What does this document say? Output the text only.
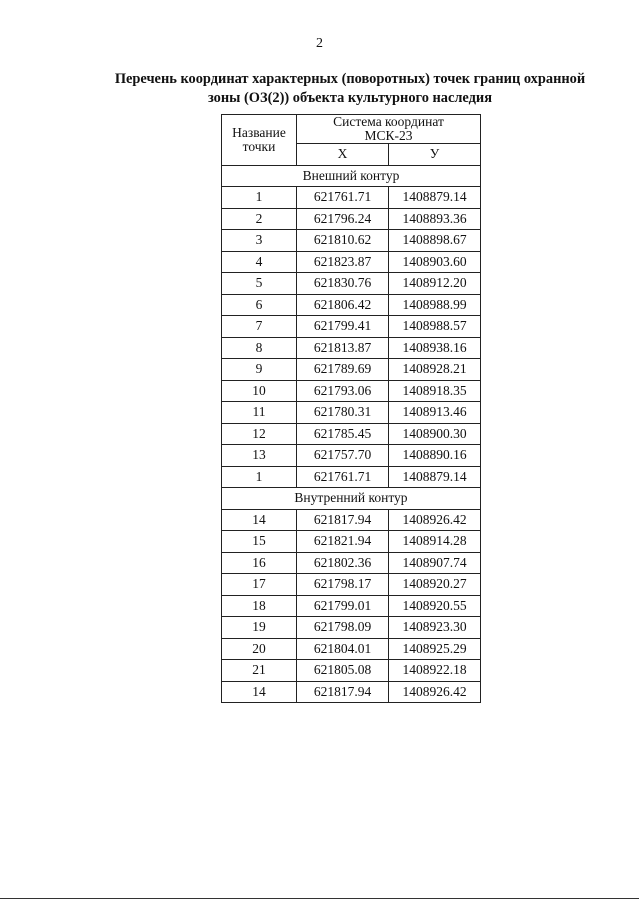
2
Перечень координат характерных (поворотных) точек границ охранной
зоны (ОЗ(2)) объекта культурного наследия
Название
точки	Система координат
МСК-23	
	Х	У
Внешний контур		
1	621761.71	1408879.14
2	621796.24	1408893.36
3	621810.62	1408898.67
4	621823.87	1408903.60
5	621830.76	1408912.20
6	621806.42	1408988.99
7	621799.41	1408988.57
8	621813.87	1408938.16
9	621789.69	1408928.21
10	621793.06	1408918.35
11	621780.31	1408913.46
12	621785.45	1408900.30
13	621757.70	1408890.16
1	621761.71	1408879.14
Внутренний контур		
14	621817.94	1408926.42
15	621821.94	1408914.28
16	621802.36	1408907.74
17	621798.17	1408920.27
18	621799.01	1408920.55
19	621798.09	1408923.30
20	621804.01	1408925.29
21	621805.08	1408922.18
14	621817.94	1408926.42
